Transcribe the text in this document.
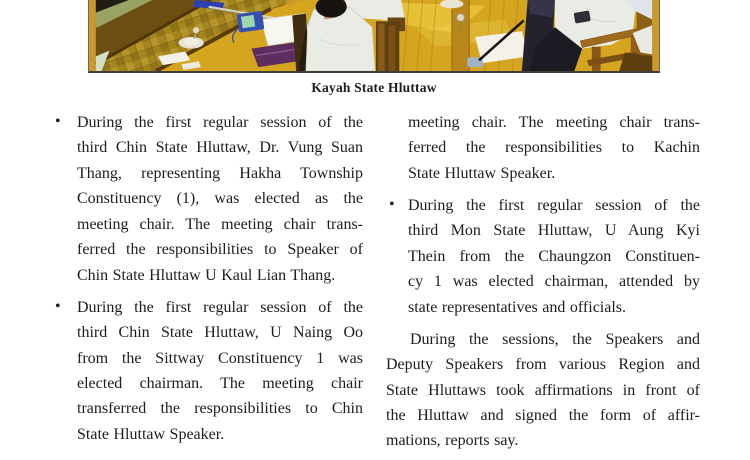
Kayah State Hluttaw
• During the first regular session of the
third Chin State Hluttaw, Dr. Vung Suan
Thang, representing Hakha Township
Constituency (1), was elected as the
meeting chair. The meeting chair trans-
ferred the responsibilities to Speaker of
Chin State Hluttaw U Kaul Lian Thang.
• During the first regular session of the
third Chin State Hluttaw, U Naing Oo
from the Sittway Constituency 1 was
elected chairman. The meeting chair
transferred the responsibilities to Chin
State Hluttaw Speaker.
meeting chair. The meeting chair trans-
ferred the responsibilities to Kachin
State Hluttaw Speaker.
• During the first regular session of the
third Mon State Hluttaw, U Aung Kyi
Thein from the Chaungzon Constituen-
cy 1 was elected chairman, attended by
state representatives and officials.
During the sessions, the Speakers and
Deputy Speakers from various Region and
State Hluttaws took affirmations in front of
the Hluttaw and signed the form of affir-
mations, reports say.
